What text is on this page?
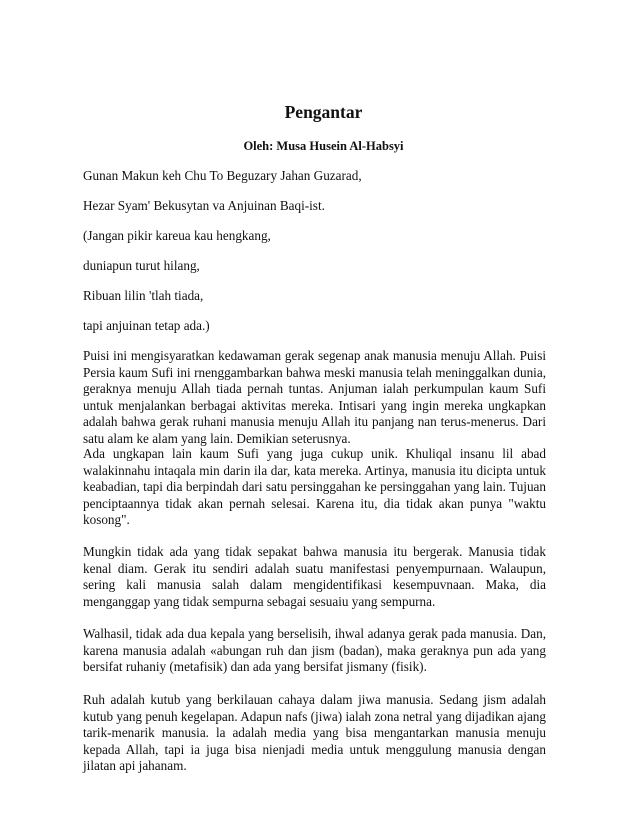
Pengantar
Oleh: Musa Husein Al-Habsyi
Gunan Makun keh Chu To Beguzary Jahan Guzarad,
Hezar Syam' Bekusytan va Anjuinan Baqi-ist.
(Jangan pikir kareua kau hengkang,
duniapun turut hilang,
Ribuan lilin 'tlah tiada,
tapi anjuinan tetap ada.)
Puisi ini mengisyaratkan kedawaman gerak segenap anak manusia menuju Allah. Puisi Persia kaum Sufi ini rnenggambarkan bahwa meski manusia telah meninggalkan dunia, geraknya menuju Allah tiada pernah tuntas. Anjuman ialah perkumpulan kaum Sufi untuk menjalankan berbagai aktivitas mereka. Intisari yang ingin mereka ungkapkan adalah bahwa gerak ruhani manusia menuju Allah itu panjang nan terus-menerus. Dari satu alam ke alam yang lain. Demikian seterusnya.
Ada ungkapan lain kaum Sufi yang juga cukup unik. Khuliqal insanu lil abad walakinnahu intaqala min darin ila dar, kata mereka. Artinya, manusia itu dicipta untuk keabadian, tapi dia berpindah dari satu persinggahan ke persinggahan yang lain. Tujuan penciptaannya tidak akan pernah selesai. Karena itu, dia tidak akan punya "waktu kosong".
Mungkin tidak ada yang tidak sepakat bahwa manusia itu bergerak. Manusia tidak kenal diam. Gerak itu sendiri adalah suatu manifestasi penyempurnaan. Walaupun, sering kali manusia salah dalam mengidentifikasi kesempuvnaan. Maka, dia menganggap yang tidak sempurna sebagai sesuaiu yang sempurna.
Walhasil, tidak ada dua kepala yang berselisih, ihwal adanya gerak pada manusia. Dan, karena manusia adalah «abungan ruh dan jism (badan), maka geraknya pun ada yang bersifat ruhaniy (metafisik) dan ada yang bersifat jismany (fisik).
Ruh adalah kutub yang berkilauan cahaya dalam jiwa manusia. Sedang jism adalah kutub yang penuh kegelapan. Adapun nafs (jiwa) ialah zona netral yang dijadikan ajang tarik-menarik manusia. la adalah media yang bisa mengantarkan manusia menuju kepada Allah, tapi ia juga bisa nienjadi media untuk menggulung manusia dengan jilatan api jahanam.
